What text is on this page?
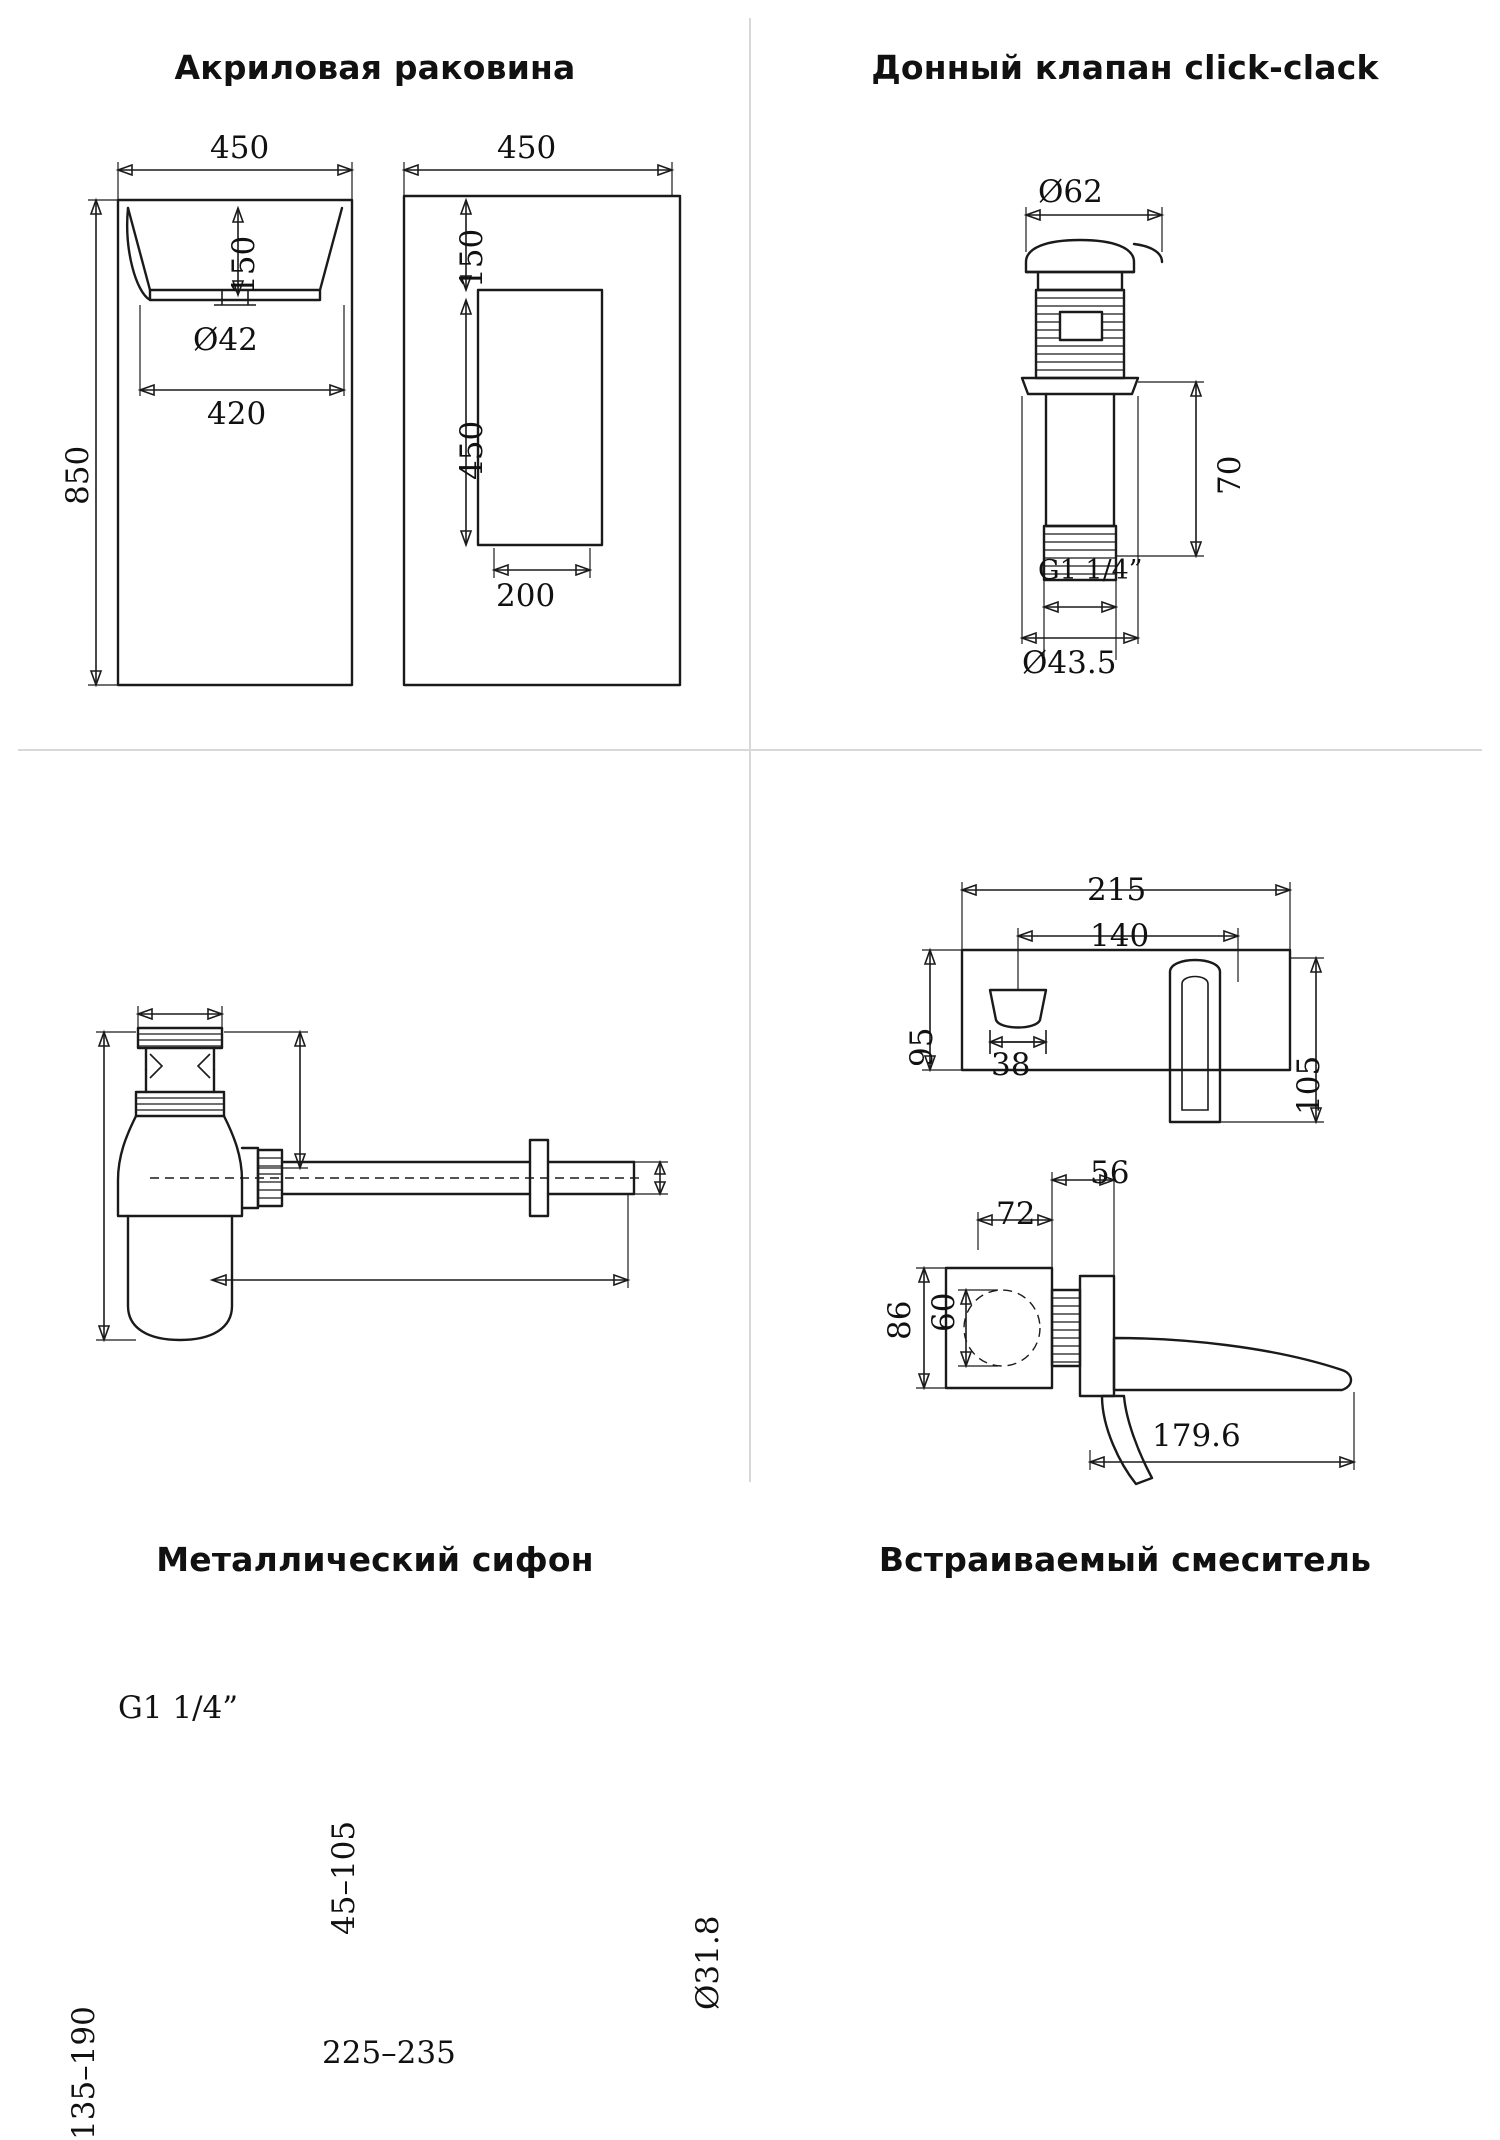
Акриловая раковина
450
150
Ø42
420
850
450
150
450
200
Донный клапан click-clack
Ø62
70
G1 1/4”
Ø43.5
Металлический сифон
G1 1/4”
45–105
135–190
Ø31.8
225–235
Встраиваемый смеситель
215
140
95 38	105
56
72
86 60
179.6
